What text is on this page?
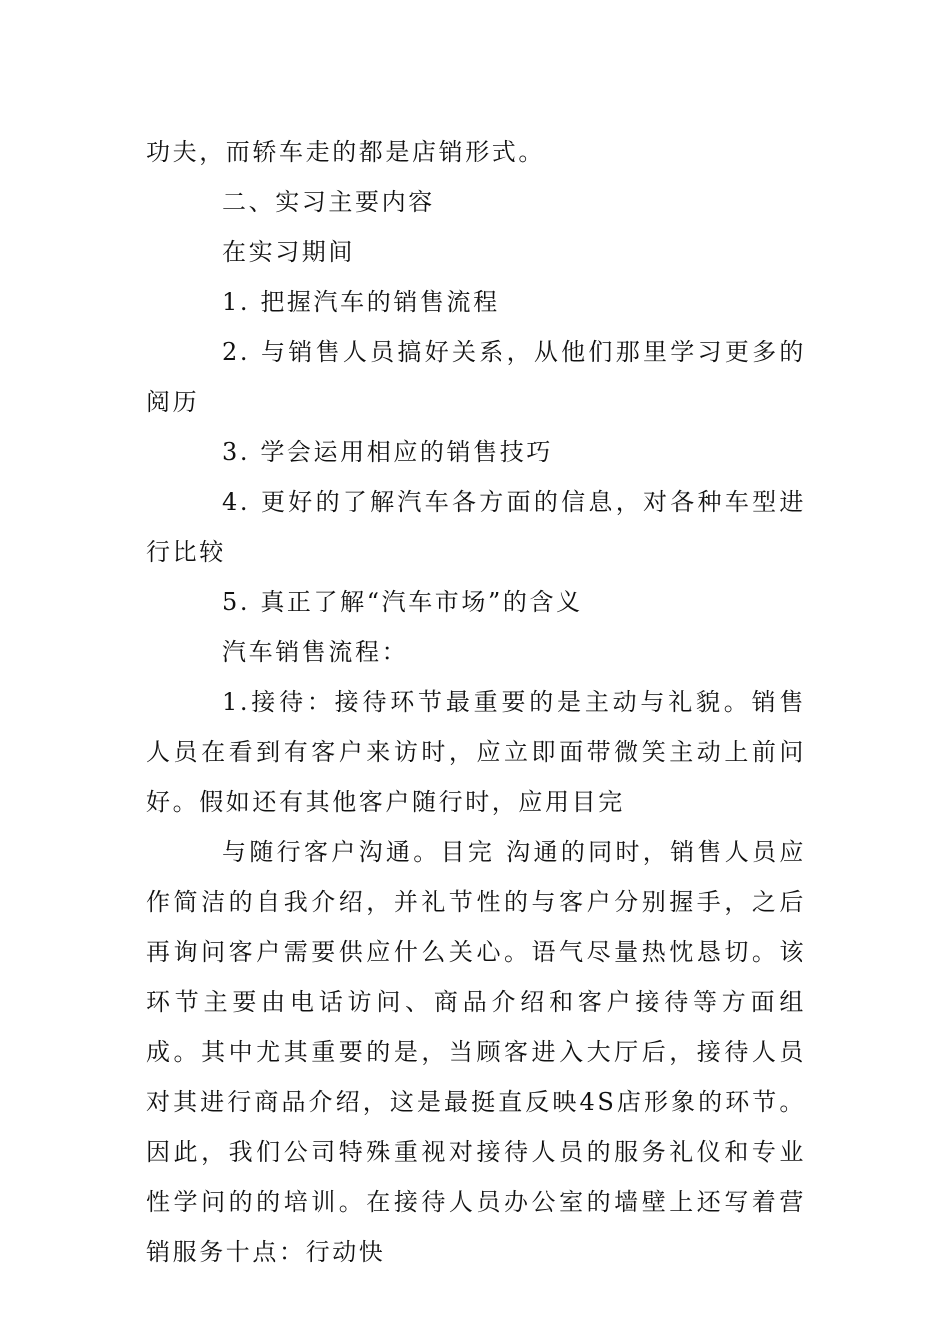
功夫，而轿车走的都是店销形式。

二、实习主要内容

在实习期间

1. 把握汽车的销售流程

2. 与销售人员搞好关系，从他们那里学习更多的阅历

3. 学会运用相应的销售技巧

4. 更好的了解汽车各方面的信息，对各种车型进行比较

5. 真正了解“汽车市场”的含义

汽车销售流程：

1.接待：接待环节最重要的是主动与礼貌。销售人员在看到有客户来访时，应立即面带微笑主动上前问好。假如还有其他客户随行时，应用目完

与随行客户沟通。目完 沟通的同时，销售人员应作简洁的自我介绍，并礼节性的与客户分别握手，之后再询问客户需要供应什么关心。语气尽量热忱恳切。该环节主要由电话访问、商品介绍和客户接待等方面组成。其中尤其重要的是，当顾客进入大厅后，接待人员对其进行商品介绍，这是最挺直反映4S店形象的环节。因此，我们公司特殊重视对接待人员的服务礼仪和专业性学问的的培训。在接待人员办公室的墙壁上还写着营销服务十点：行动快
